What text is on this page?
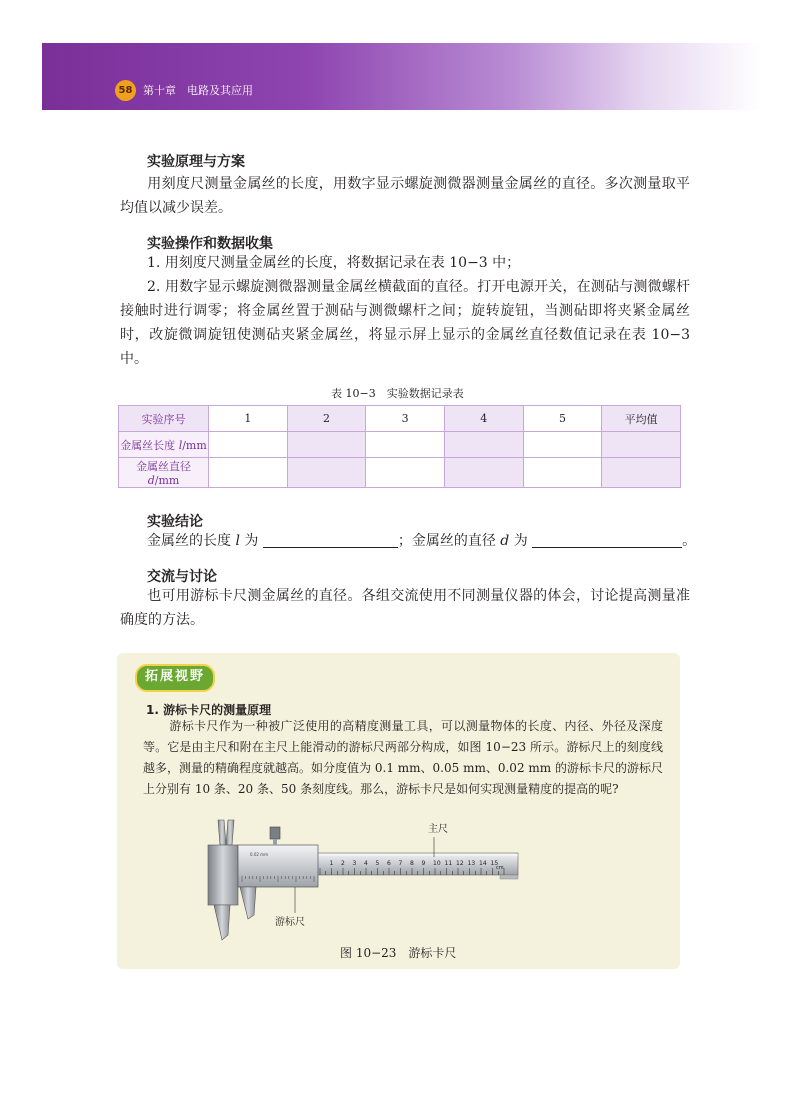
58 第十章　电路及其应用
实验原理与方案
用刻度尺测量金属丝的长度，用数字显示螺旋测微器测量金属丝的直径。多次测量取平均值以减少误差。
实验操作和数据收集
1. 用刻度尺测量金属丝的长度，将数据记录在表 10−3 中；
2. 用数字显示螺旋测微器测量金属丝横截面的直径。打开电源开关，在测砧与测微螺杆接触时进行调零；将金属丝置于测砧与测微螺杆之间；旋转旋钮，当测砧即将夹紧金属丝时，改旋微调旋钮使测砧夹紧金属丝，将显示屏上显示的金属丝直径数值记录在表 10−3 中。
表 10−3　实验数据记录表
实验序号	1	2	3	4	5	平均值
金属丝长度 l/mm						
金属丝直径 d/mm						
实验结论
金属丝的长度 l 为	；金属丝的直径 d 为	。
交流与讨论
也可用游标卡尺测金属丝的直径。各组交流使用不同测量仪器的体会，讨论提高测量准确度的方法。
拓展视野
1. 游标卡尺的测量原理
游标卡尺作为一种被广泛使用的高精度测量工具，可以测量物体的长度、内径、外径及深度等。它是由主尺和附在主尺上能滑动的游标尺两部分构成，如图 10−23 所示。游标尺上的刻度线越多，测量的精确程度就越高。如分度值为 0.1 mm、0.05 mm、0.02 mm 的游标卡尺的游标尺上分别有 10 条、20 条、50 条刻度线。那么，游标卡尺是如何实现测量精度的提高的呢?
1 2 3 4 5 6 7 8 9 10 11 12 13 14 15
cm
0.02 mm
主尺
游标尺
图 10−23　游标卡尺
